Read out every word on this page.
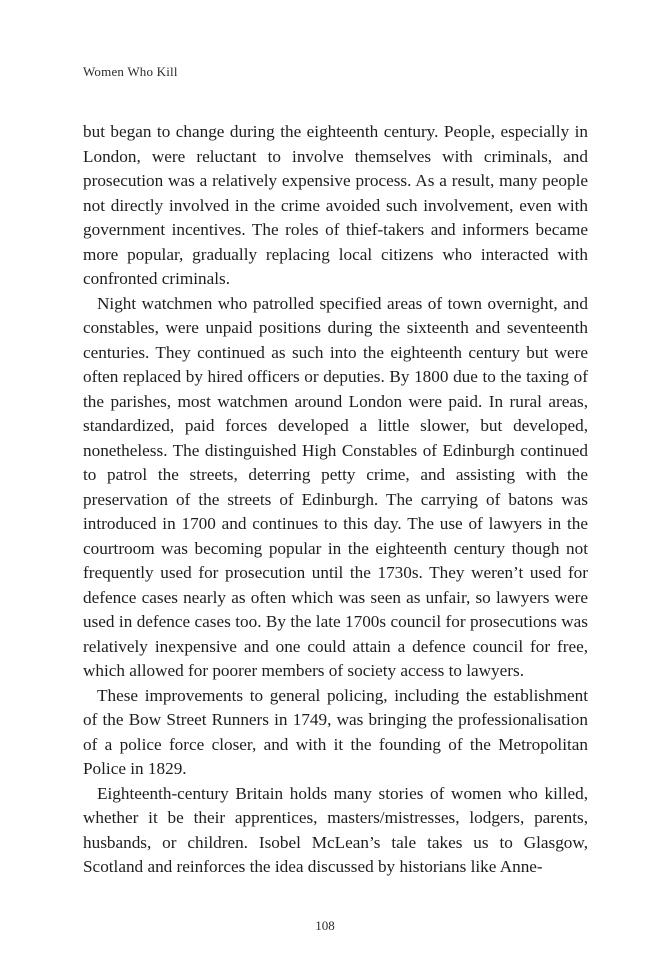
Women Who Kill

but began to change during the eighteenth century. People, especially in London, were reluctant to involve themselves with criminals, and prosecution was a relatively expensive process. As a result, many people not directly involved in the crime avoided such involvement, even with government incentives. The roles of thief-takers and informers became more popular, gradually replacing local citizens who interacted with confronted criminals.

Night watchmen who patrolled specified areas of town overnight, and constables, were unpaid positions during the sixteenth and seventeenth centuries. They continued as such into the eighteenth century but were often replaced by hired officers or deputies. By 1800 due to the taxing of the parishes, most watchmen around London were paid. In rural areas, standardized, paid forces developed a little slower, but developed, nonetheless. The distinguished High Constables of Edinburgh continued to patrol the streets, deterring petty crime, and assisting with the preservation of the streets of Edinburgh. The carrying of batons was introduced in 1700 and continues to this day. The use of lawyers in the courtroom was becoming popular in the eighteenth century though not frequently used for prosecution until the 1730s. They weren’t used for defence cases nearly as often which was seen as unfair, so lawyers were used in defence cases too. By the late 1700s council for prosecutions was relatively inexpensive and one could attain a defence council for free, which allowed for poorer members of society access to lawyers.

These improvements to general policing, including the establishment of the Bow Street Runners in 1749, was bringing the professionalisation of a police force closer, and with it the founding of the Metropolitan Police in 1829.

Eighteenth-century Britain holds many stories of women who killed, whether it be their apprentices, masters/mistresses, lodgers, parents, husbands, or children. Isobel McLean’s tale takes us to Glasgow, Scotland and reinforces the idea discussed by historians like Anne-

108
